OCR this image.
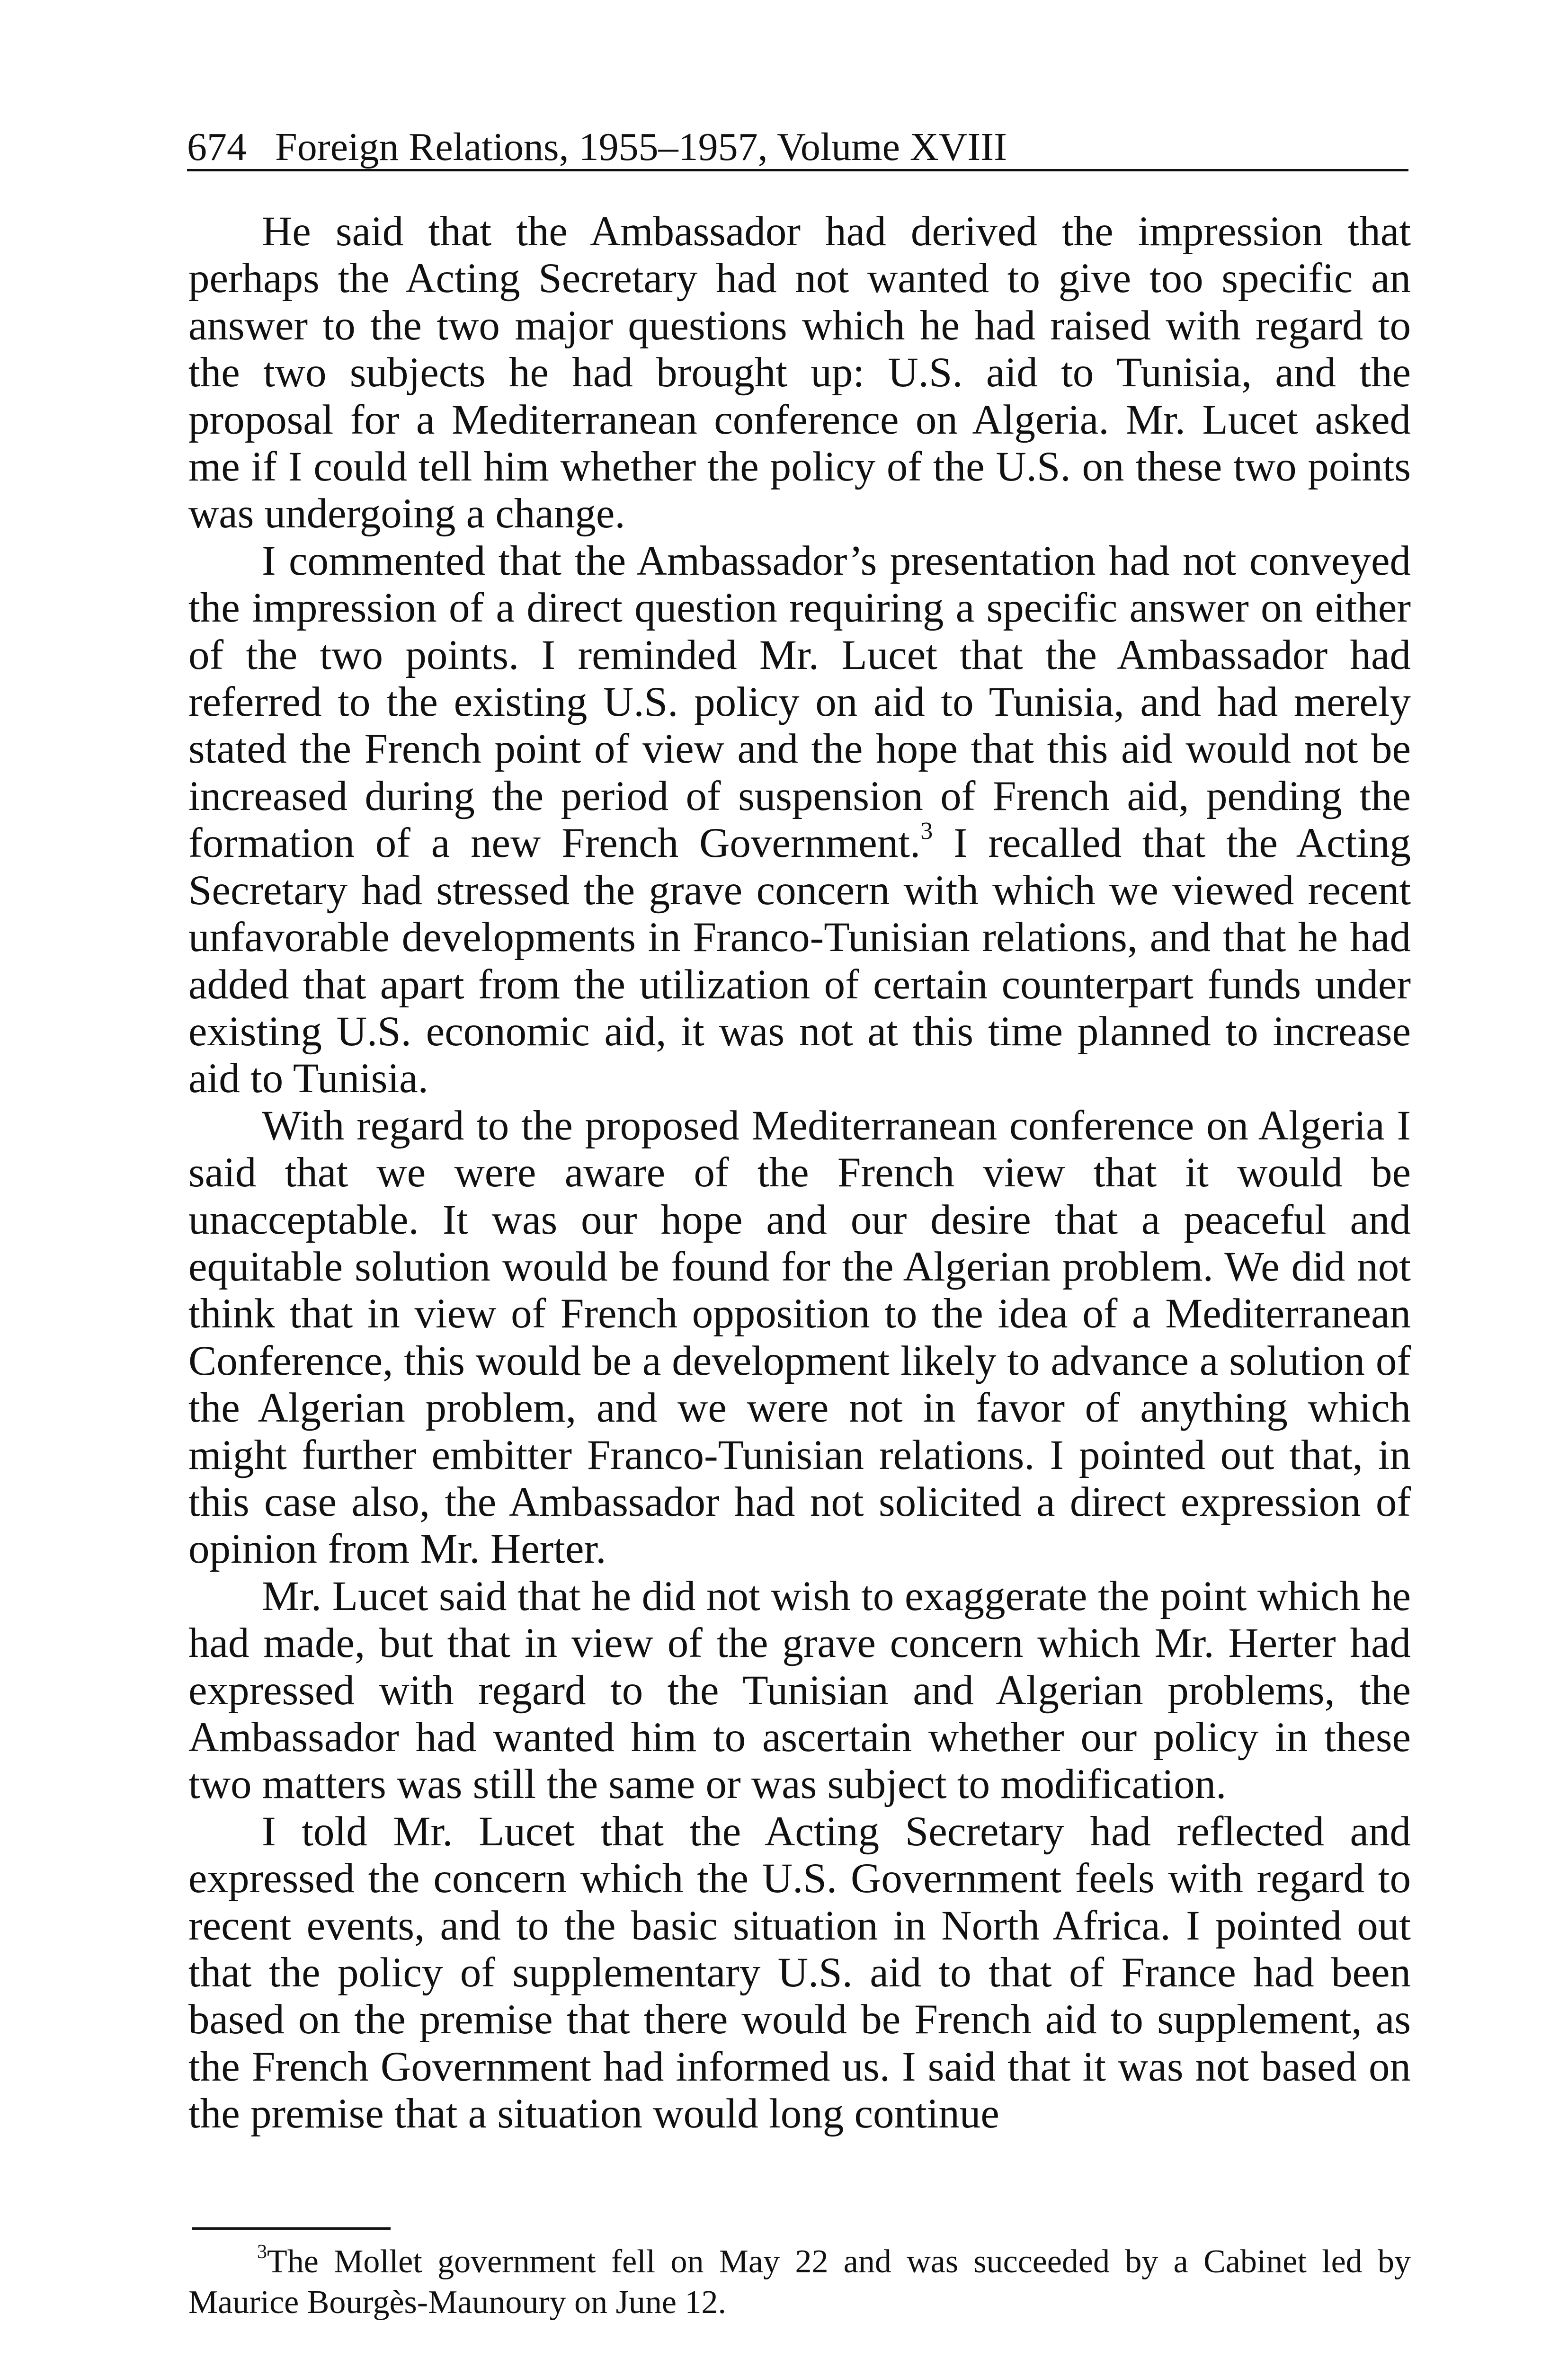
674 Foreign Relations, 1955–1957, Volume XVIII

He said that the Ambassador had derived the impression that perhaps the Acting Secretary had not wanted to give too specific an answer to the two major questions which he had raised with regard to the two subjects he had brought up: U.S. aid to Tunisia, and the proposal for a Mediterranean conference on Algeria. Mr. Lucet asked me if I could tell him whether the policy of the U.S. on these two points was undergoing a change.

I commented that the Ambassador’s presentation had not conveyed the impression of a direct question requiring a specific answer on either of the two points. I reminded Mr. Lucet that the Ambassador had referred to the existing U.S. policy on aid to Tunisia, and had merely stated the French point of view and the hope that this aid would not be increased during the period of suspension of French aid, pending the formation of a new French Government.$^3$ I recalled that the Acting Secretary had stressed the grave concern with which we viewed recent unfavorable developments in Franco-Tunisian relations, and that he had added that apart from the utilization of certain counterpart funds under existing U.S. economic aid, it was not at this time planned to increase aid to Tunisia.

With regard to the proposed Mediterranean conference on Algeria I said that we were aware of the French view that it would be unacceptable. It was our hope and our desire that a peaceful and equitable solution would be found for the Algerian problem. We did not think that in view of French opposition to the idea of a Mediterranean Conference, this would be a development likely to advance a solution of the Algerian problem, and we were not in favor of anything which might further embitter Franco-Tunisian relations. I pointed out that, in this case also, the Ambassador had not solicited a direct expression of opinion from Mr. Herter.

Mr. Lucet said that he did not wish to exaggerate the point which he had made, but that in view of the grave concern which Mr. Herter had expressed with regard to the Tunisian and Algerian problems, the Ambassador had wanted him to ascertain whether our policy in these two matters was still the same or was subject to modification.

I told Mr. Lucet that the Acting Secretary had reflected and expressed the concern which the U.S. Government feels with regard to recent events, and to the basic situation in North Africa. I pointed out that the policy of supplementary U.S. aid to that of France had been based on the premise that there would be French aid to supplement, as the French Government had informed us. I said that it was not based on the premise that a situation would long continue

$^3$The Mollet government fell on May 22 and was succeeded by a Cabinet led by Maurice Bourgès-Maunoury on June 12.
